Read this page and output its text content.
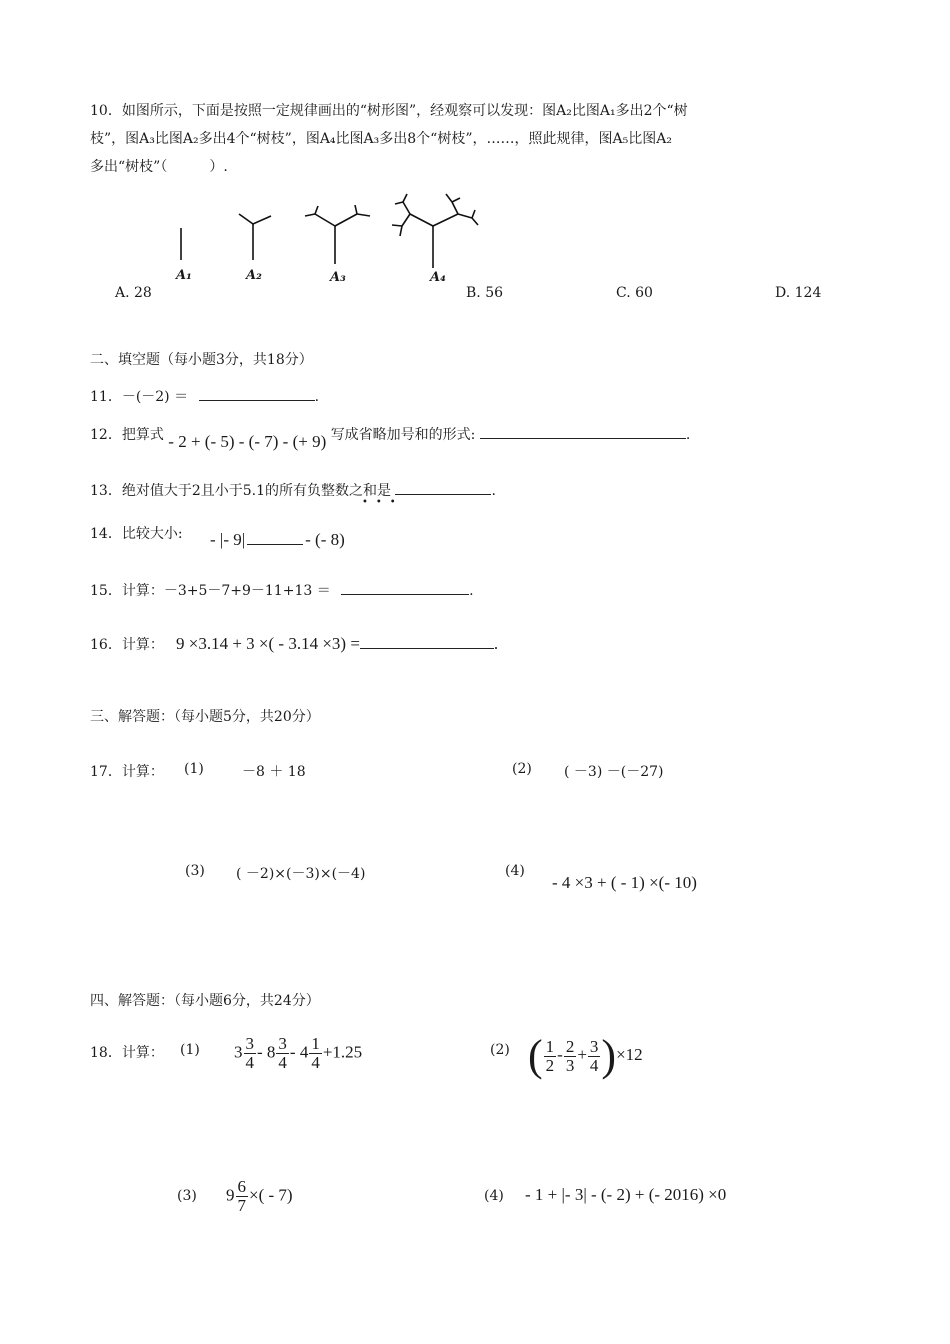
10．如图所示，下面是按照一定规律画出的“树形图”，经观察可以发现：图A₂比图A₁多出2个“树
枝”，图A₃比图A₂多出4个“树枝”，图A₄比图A₃多出8个“树枝”，……，照此规律，图A₅比图A₂
多出“树枝”（　　　）.
A₁	A₂	A₃	A₄
A. 28	B. 56	C. 60	D. 124
二、填空题（每小题3分，共18分）
11．－(－2) ＝	.
12．把算式 - 2 + (- 5) - (- 7) - (+ 9) 写成省略加号和的形式:	.
13．绝对值大于2且小于5.1的所有负整数之和是	.
•••
14．比较大小: - |- 9|	- (- 8)
15．计算：－3+5－7+9－11+13 ＝	.
16．计算： 9 ×3.14 + 3 ×( - 3.14 ×3) =	.
三、解答题：（每小题5分，共20分）
17．计算： (1)	－8 ＋ 18	(2) ( －3) －(－27)
(3) ( －2)×(－3)×(－4)	(4)
- 4 ×3 + ( - 1) ×(- 10)
四、解答题：（每小题6分，共24分）
18．计算： (1) $3 \frac{3}{4} - 8 \frac{3}{4} - 4 \frac{1}{4} +1.25$	(2) ( $\frac{1}{2} - \frac{2}{3} + \frac{3}{4} )\times 12$
(3) $9 \frac{6}{7}$ ×( - 7)	(4) - 1 + |- 3| - (- 2) + (- 2016) ×0
